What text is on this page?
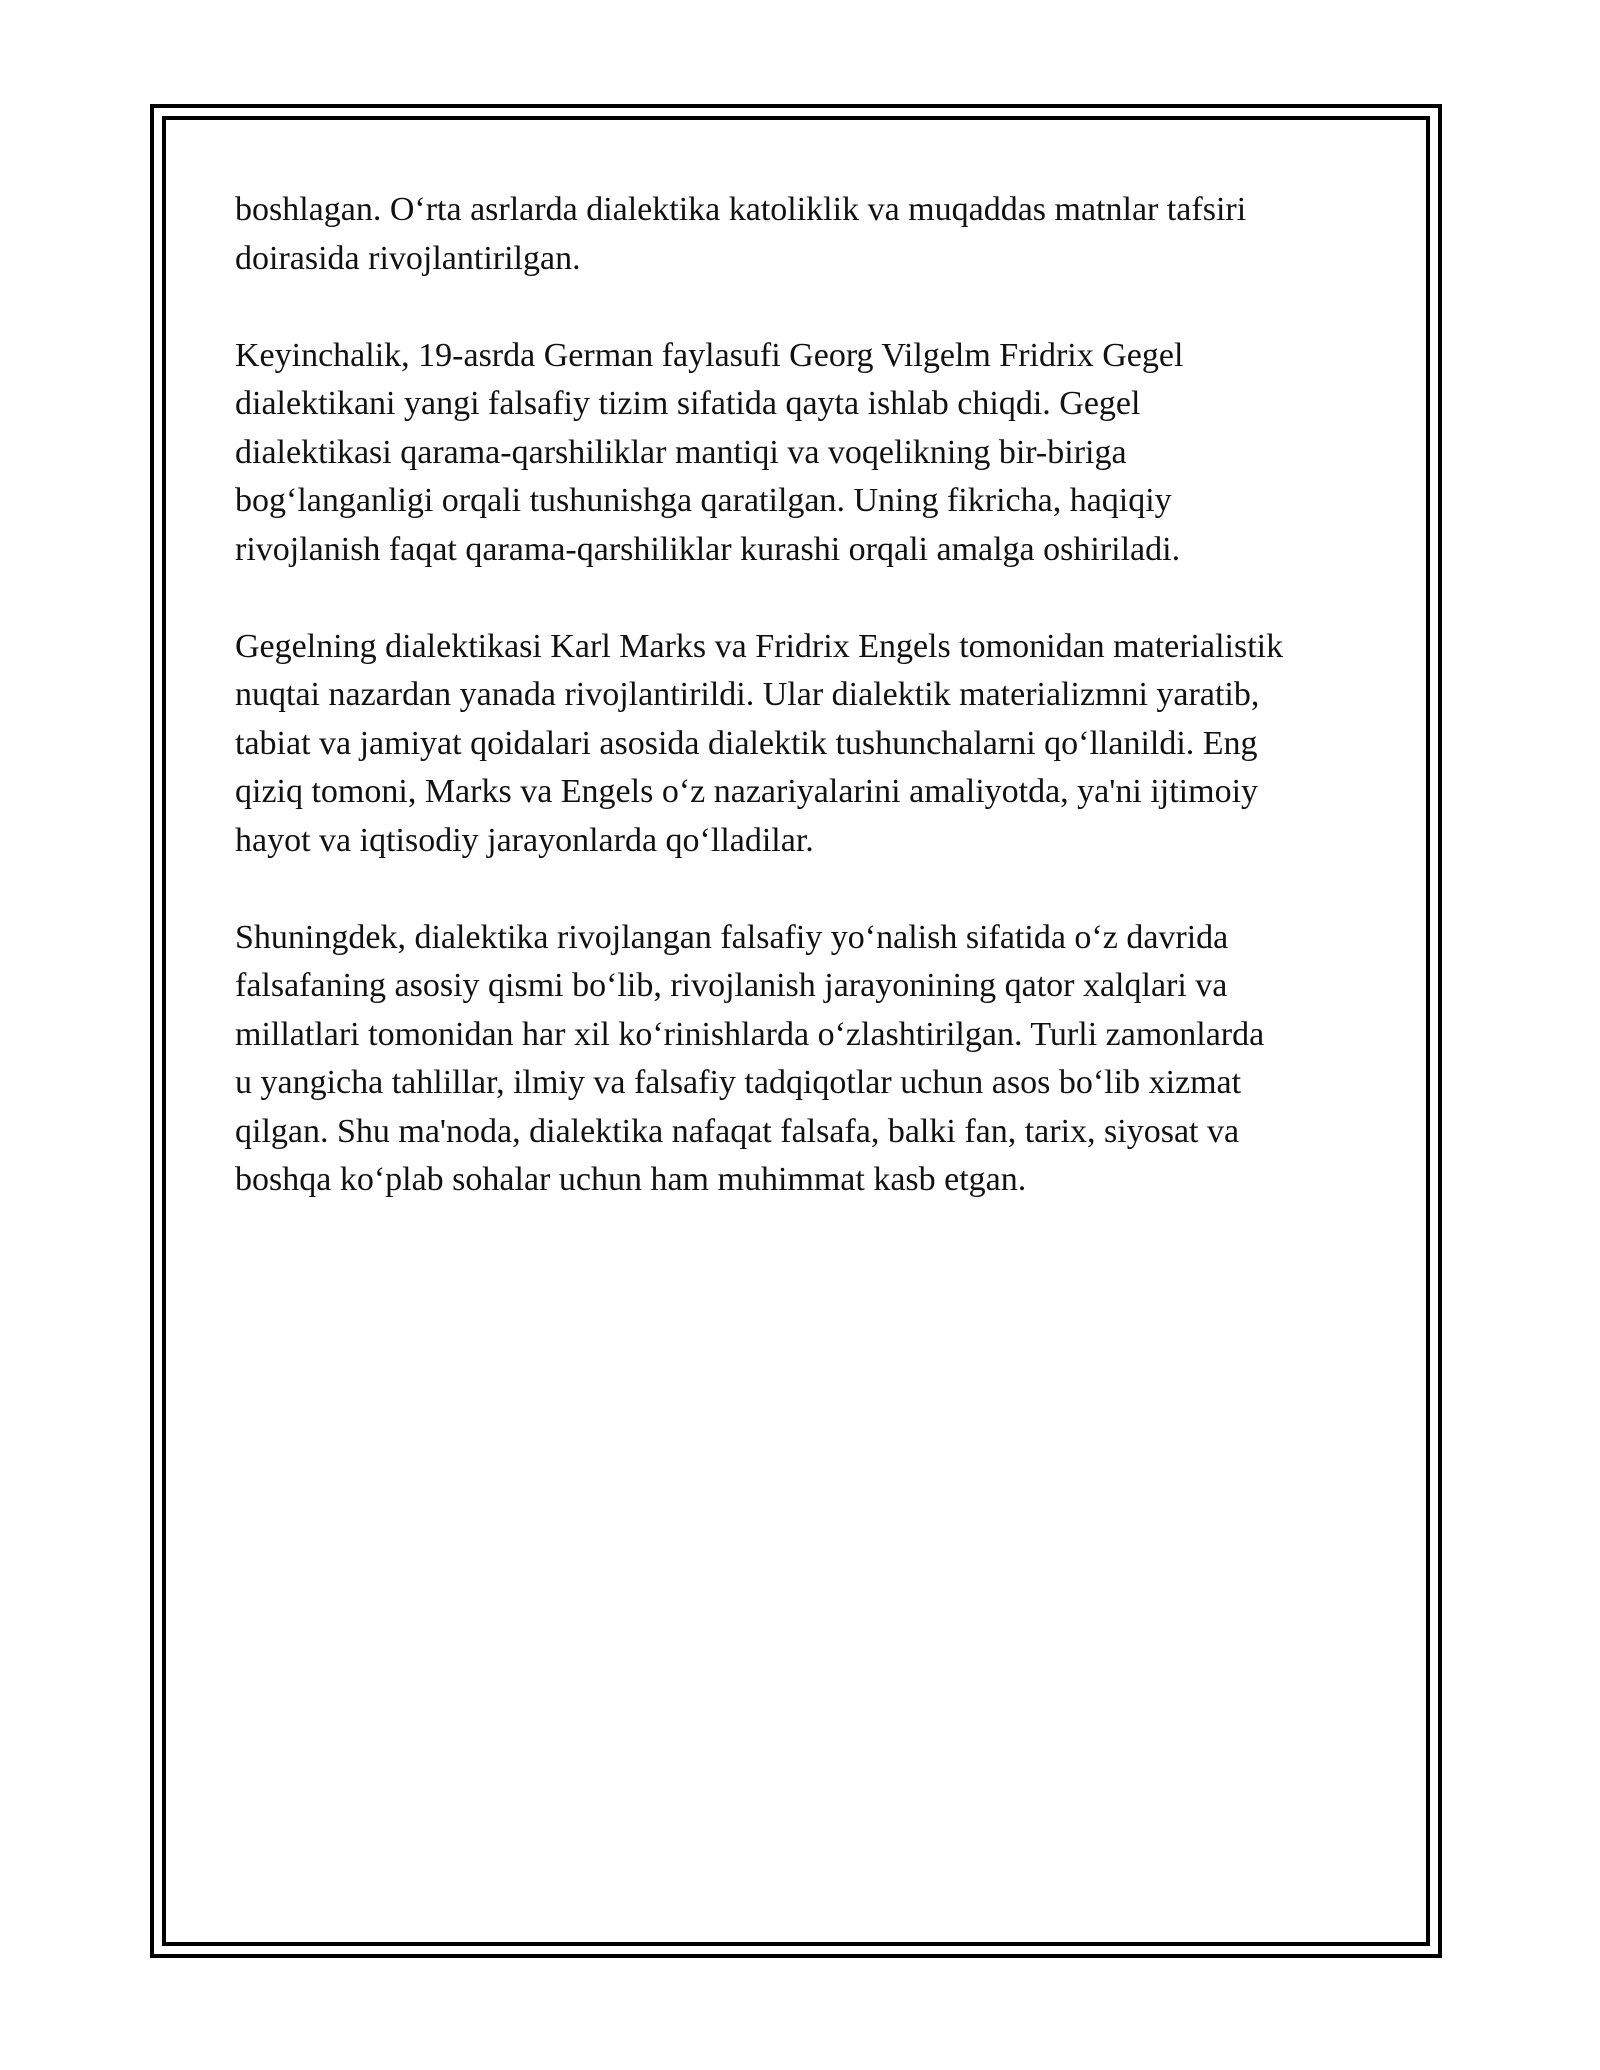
boshlagan. O‘rta asrlarda dialektika katoliklik va muqaddas matnlar tafsiri
doirasida rivojlantirilgan.

Keyinchalik, 19-asrda German faylasufi Georg Vilgelm Fridrix Gegel
dialektikani yangi falsafiy tizim sifatida qayta ishlab chiqdi. Gegel
dialektikasi qarama-qarshiliklar mantiqi va voqelikning bir-biriga
bog‘langanligi orqali tushunishga qaratilgan. Uning fikricha, haqiqiy
rivojlanish faqat qarama-qarshiliklar kurashi orqali amalga oshiriladi.

Gegelning dialektikasi Karl Marks va Fridrix Engels tomonidan materialistik
nuqtai nazardan yanada rivojlantirildi. Ular dialektik materializmni yaratib,
tabiat va jamiyat qoidalari asosida dialektik tushunchalarni qo‘llanildi. Eng
qiziq tomoni, Marks va Engels o‘z nazariyalarini amaliyotda, ya'ni ijtimoiy
hayot va iqtisodiy jarayonlarda qo‘lladilar.

Shuningdek, dialektika rivojlangan falsafiy yo‘nalish sifatida o‘z davrida
falsafaning asosiy qismi bo‘lib, rivojlanish jarayonining qator xalqlari va
millatlari tomonidan har xil ko‘rinishlarda o‘zlashtirilgan. Turli zamonlarda
u yangicha tahlillar, ilmiy va falsafiy tadqiqotlar uchun asos bo‘lib xizmat
qilgan. Shu ma'noda, dialektika nafaqat falsafa, balki fan, tarix, siyosat va
boshqa ko‘plab sohalar uchun ham muhimmat kasb etgan.
